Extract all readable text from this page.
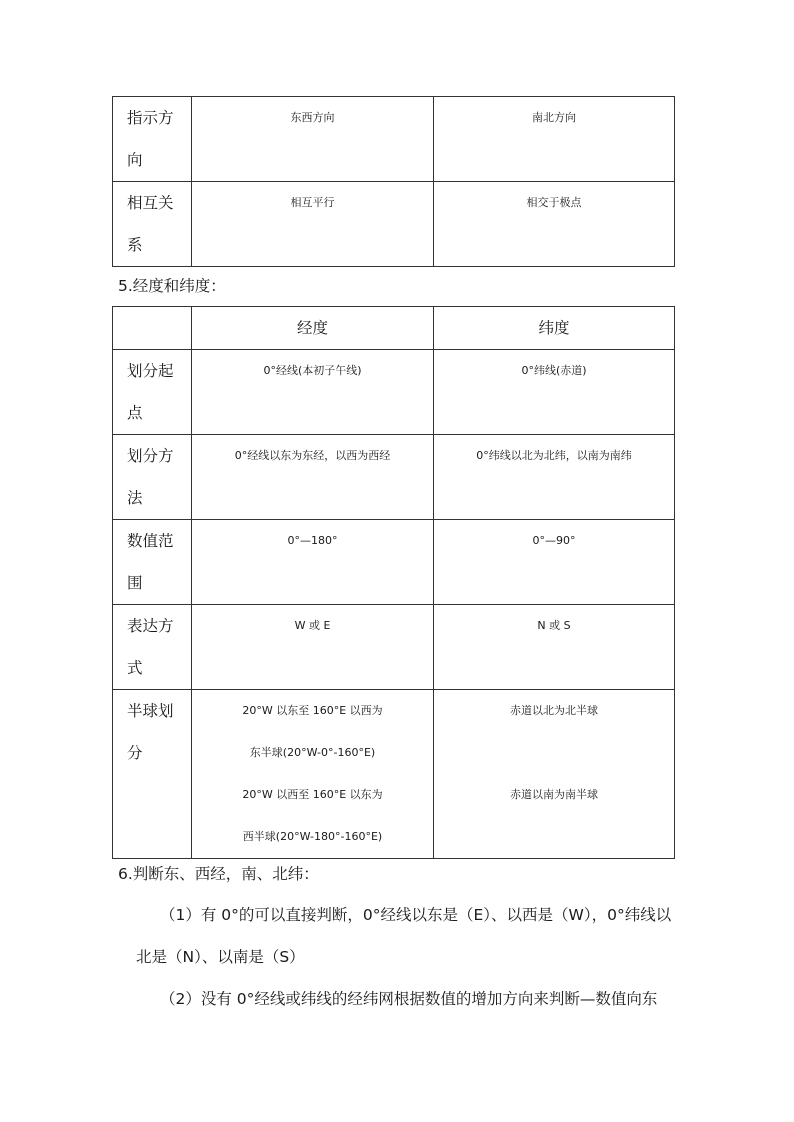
指示方
向	东西方向	南北方向

相互关
系	相互平行	相交于极点
5.经度和纬度：
	经度	纬度

划分起
点	0°经线(本初子午线)	0°纬线(赤道)

划分方
法	0°经线以东为东经，以西为西经	0°纬线以北为北纬，以南为南纬

数值范
围	0°—180°	0°—90°

表达方
式	W 或 E	N 或 S

半球划
分	20°W 以东至 160°E 以西为
东半球(20°W-0°-160°E)
20°W 以西至 160°E 以东为
西半球(20°W-180°-160°E)	赤道以北为北半球
赤道以南为南半球
6.判断东、西经，南、北纬：
（1）有 0°的可以直接判断，0°经线以东是（E）、以西是（W），0°纬线以
北是（N）、以南是（S）
（2）没有 0°经线或纬线的经纬网根据数值的增加方向来判断—数值向东
